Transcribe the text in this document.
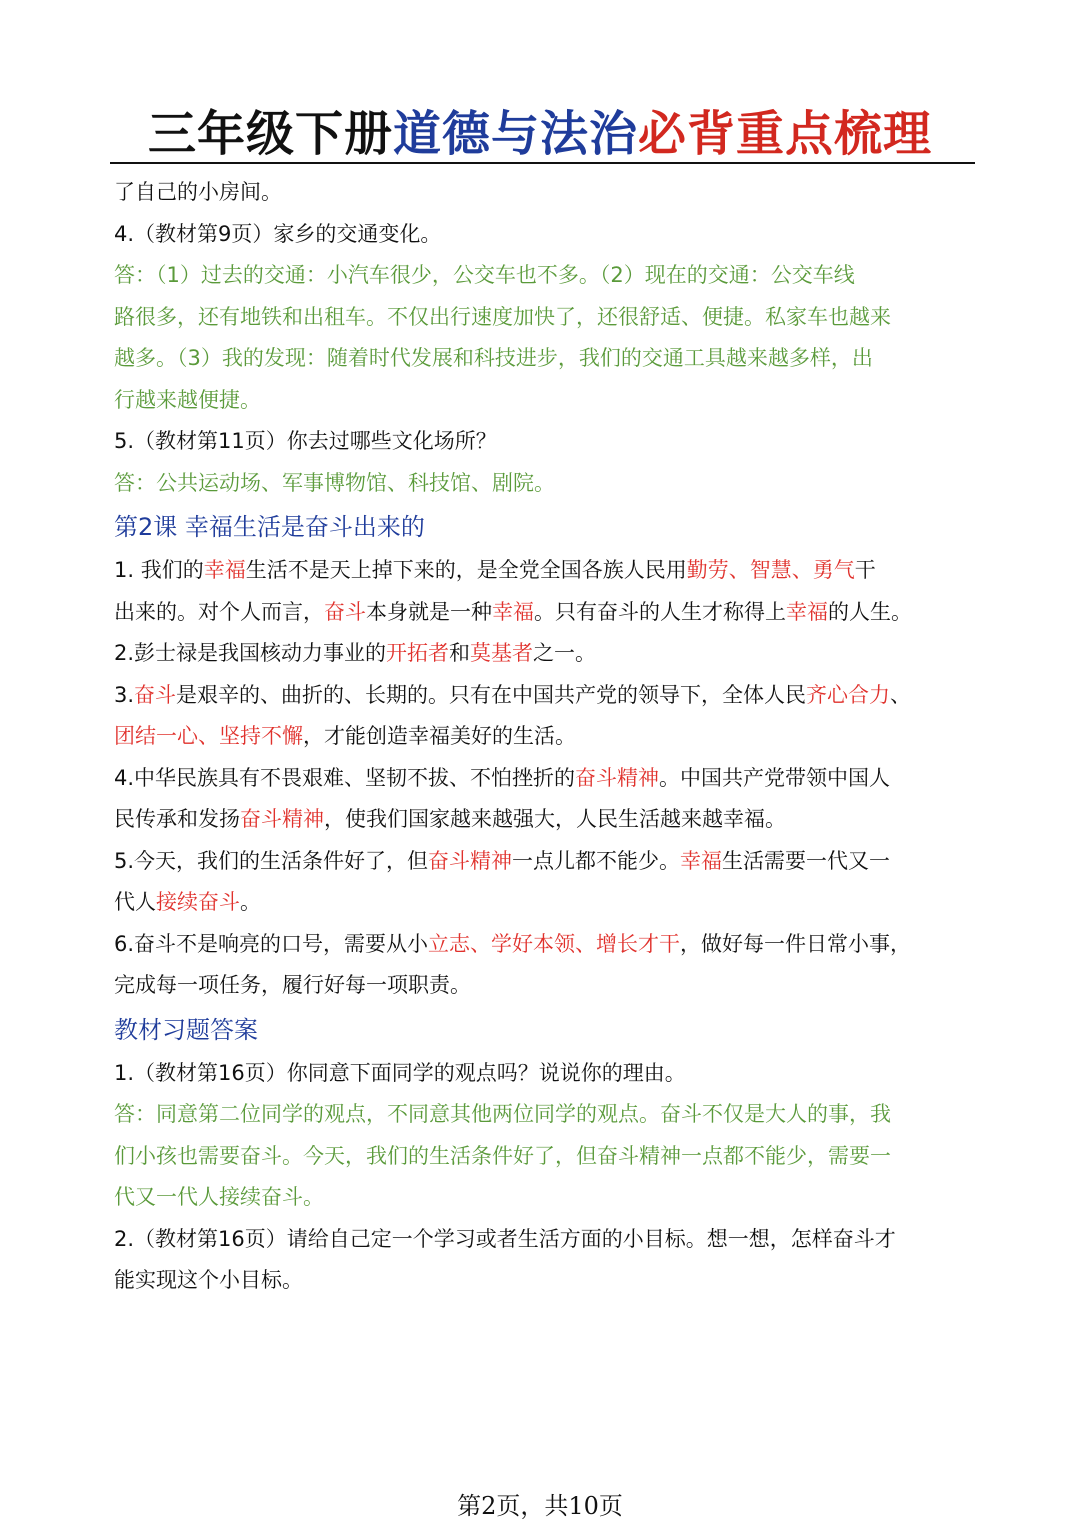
三年级下册道德与法治必背重点梳理
了自己的小房间。
4.（教材第9页）家乡的交通变化。
答：（1）过去的交通：小汽车很少，公交车也不多。（2）现在的交通：公交车线
路很多，还有地铁和出租车。不仅出行速度加快了，还很舒适、便捷。私家车也越来
越多。（3）我的发现：随着时代发展和科技进步，我们的交通工具越来越多样，出
行越来越便捷。
5.（教材第11页）你去过哪些文化场所？
答：公共运动场、军事博物馆、科技馆、剧院。
第2课 幸福生活是奋斗出来的
1. 我们的幸福生活不是天上掉下来的，是全党全国各族人民用勤劳、智慧、勇气干
出来的。对个人而言，奋斗本身就是一种幸福。只有奋斗的人生才称得上幸福的人生。
2.彭士禄是我国核动力事业的开拓者和莫基者之一。
3.奋斗是艰辛的、曲折的、长期的。只有在中国共产党的领导下，全体人民齐心合力、
团结一心、坚持不懈，才能创造幸福美好的生活。
4.中华民族具有不畏艰难、坚韧不拔、不怕挫折的奋斗精神。中国共产党带领中国人
民传承和发扬奋斗精神，使我们国家越来越强大，人民生活越来越幸福。
5.今天，我们的生活条件好了，但奋斗精神一点儿都不能少。幸福生活需要一代又一
代人接续奋斗。
6.奋斗不是响亮的口号，需要从小立志、学好本领、增长才干，做好每一件日常小事，
完成每一项任务，履行好每一项职责。
教材习题答案
1.（教材第16页）你同意下面同学的观点吗？说说你的理由。
答：同意第二位同学的观点，不同意其他两位同学的观点。奋斗不仅是大人的事，我
们小孩也需要奋斗。今天，我们的生活条件好了，但奋斗精神一点都不能少，需要一
代又一代人接续奋斗。
2.（教材第16页）请给自己定一个学习或者生活方面的小目标。想一想，怎样奋斗才
能实现这个小目标。
第2页，共10页
